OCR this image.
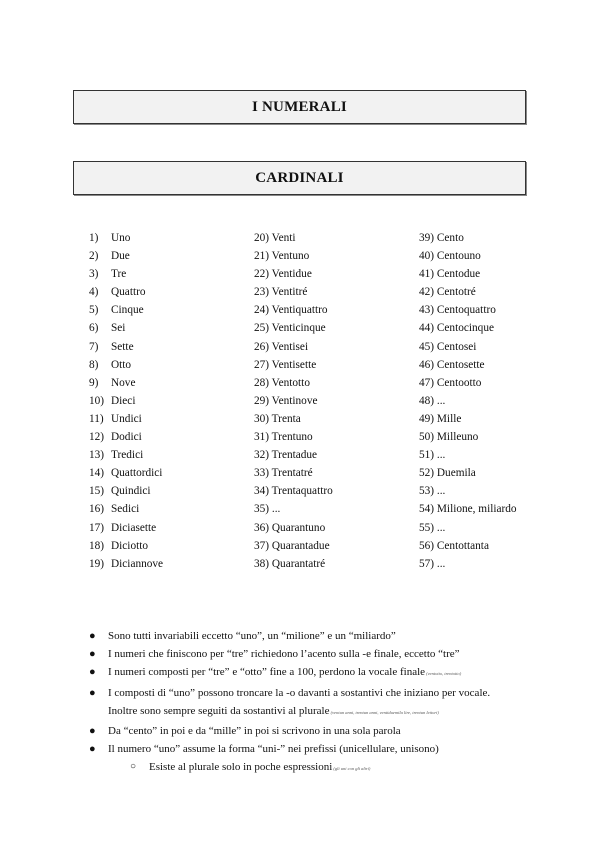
I NUMERALI
CARDINALI
1) Uno
2) Due
3) Tre
4) Quattro
5) Cinque
6) Sei
7) Sette
8) Otto
9) Nove
10) Dieci
11) Undici
12) Dodici
13) Tredici
14) Quattordici
15) Quindici
16) Sedici
17) Diciasette
18) Diciotto
19) Diciannove
20) Venti
21) Ventuno
22) Ventidue
23) Ventitré
24) Ventiquattro
25) Venticinque
26) Ventisei
27) Ventisette
28) Ventotto
29) Ventinove
30) Trenta
31) Trentuno
32) Trentadue
33) Trentatré
34) Trentaquattro
35) ...
36) Quarantuno
37) Quarantadue
38) Quarantatré
39) Cento
40) Centouno
41) Centodue
42) Centotré
43) Centoquattro
44) Centocinque
45) Centosei
46) Centosette
47) Centootto
48) ...
49) Mille
50) Milleuno
51) ...
52) Duemila
53) ...
54) Milione, miliardo
55) ...
56) Centottanta
57) ...
● Sono tutti invariabili eccetto “uno”, un “milione” e un “miliardo”
● I numeri che finiscono per “tre” richiedono l’acento sulla -e finale, eccetto “tre”
● I numeri composti per “tre” e “otto” fine a 100, perdono la vocale finale (ventotto, trentotto)
● I composti di “uno” possono troncare la -o davanti a sostantivi che iniziano per vocale.
Inoltre sono sempre seguiti da sostantivi al plurale (ventun anni, trentun anni, ventiduemila lire, trentun lettori)
● Da “cento” in poi e da “mille” in poi si scrivono in una sola parola
● Il numero “uno” assume la forma “uni-” nei prefissi (unicellulare, unisono)
○ Esiste al plurale solo in poche espressioni (gli uni con gli altri)
